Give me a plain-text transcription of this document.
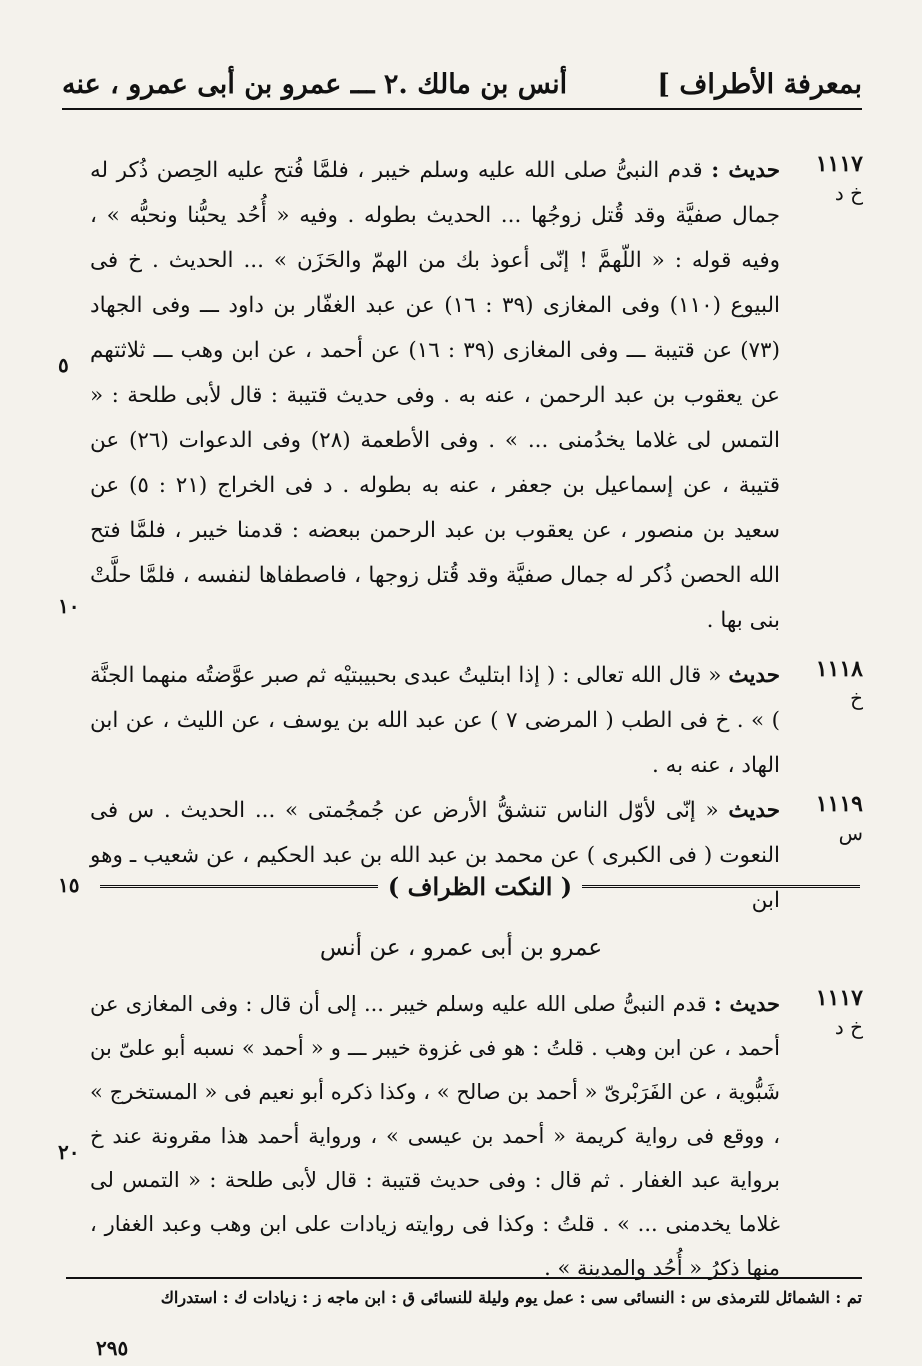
بمعرفة الأطراف ]
أنس بن مالك .٢ ـــ عمرو بن أبى عمرو ، عنه
١١١٧
خ د

حديث : قدم النبىُّ صلى الله عليه وسلم خيبر ، فلمَّا فُتح عليه الحِصن ذُكر له جمال صفيَّة وقد قُتل زوجُها ... الحديث بطوله . وفيه « أُحُد يحبُّنا ونحبُّه » ، وفيه قوله : « اللّهمَّ ! إنّى أعوذ بك من الهمّ والحَزَن » ... الحديث . خ فى البيوع (١١٠) وفى المغازى (٣٩ : ١٦) عن عبد الغفّار بن داود ـــ وفى الجهاد (٧٣) عن قتيبة ـــ وفى المغازى (٣٩ : ١٦) عن أحمد ، عن ابن وهب ـــ ثلاثتهم عن يعقوب بن عبد الرحمن ، عنه به . وفى حديث قتيبة : قال لأبى طلحة : « التمس لى غلاما يخدُمنى ... » . وفى الأطعمة (٢٨) وفى الدعوات (٢٦) عن قتيبة ، عن إسماعيل بن جعفر ، عنه به بطوله . د فى الخراج (٢١ : ٥) عن سعيد بن منصور ، عن يعقوب بن عبد الرحمن ببعضه : قدمنا خيبر ، فلمَّا فتح الله الحصن ذُكر له جمال صفيَّة وقد قُتل زوجها ، فاصطفاها لنفسه ، فلمَّا حلَّتْ بنى بها .

١١١٨
خ

حديث « قال الله تعالى : ( إذا ابتليتُ عبدى بحبيبتيْه ثم صبر عوَّضتُه منهما الجنَّة ) » . خ فى الطب ( المرضى ٧ ) عن عبد الله بن يوسف ، عن الليث ، عن ابن الهاد ، عنه به .

١١١٩
س

حديث « إنّى لأوّل الناس تنشقُّ الأرض عن جُمجُمتى » ... الحديث . س فى النعوت ( فى الكبرى ) عن محمد بن عبد الله بن عبد الحكيم ، عن شعيب ـ وهو ابن

٥
١٠
١٥
٢٠
( النكت الظراف )
عمرو بن أبى عمرو ، عن أنس
١١١٧
خ د

حديث : قدم النبىُّ صلى الله عليه وسلم خيبر ... إلى أن قال : وفى المغازى عن أحمد ، عن ابن وهب . قلتُ : هو فى غزوة خيبر ـــ و « أحمد » نسبه أبو علىّ بن شَبُّوية ، عن الفَرَبْرىّ « أحمد بن صالح » ، وكذا ذكره أبو نعيم فى « المستخرج » ، ووقع فى رواية كريمة « أحمد بن عيسى » ، ورواية أحمد هذا مقرونة عند خ برواية عبد الغفار . ثم قال : وفى حديث قتيبة : قال لأبى طلحة : « التمس لى غلاما يخدمنى ... » . قلتُ : وكذا فى روايته زيادات على ابن وهب وعبد الغفار ، منها ذكرُ « أُحُد والمدينة » .

تم : الشمائل للترمذى س : النسائى سى : عمل يوم وليلة للنسائى ق : ابن ماجه ز : زيادات ك : استدراك
٢٩٥
